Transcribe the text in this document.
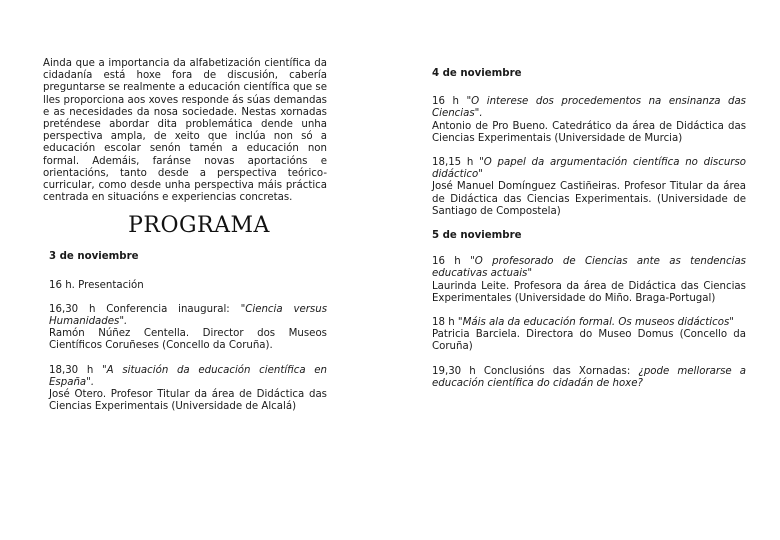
Ainda que a importancia da alfabetización científica da cidadanía está hoxe fora de discusión, cabería preguntarse se realmente a educación científica que se lles proporciona aos xoves responde ás súas demandas e as necesidades da nosa sociedade. Nestas xornadas preténdese abordar dita problemática dende unha perspectiva ampla, de xeito que inclúa non só a educación escolar senón tamén a educación non formal. Ademáis, faránse novas aportacións e orientacións, tanto desde a perspectiva teórico- curricular, como desde unha perspectiva máis práctica centrada en situacións e experiencias concretas.

PROGRAMA
3 de noviembre

16 h. Presentación

16,30 h Conferencia inaugural: "Ciencia versus Humanidades".

Ramón Núñez Centella. Director dos Museos Científicos Coruñeses (Concello da Coruña).

18,30 h "A situación da educación científica en España".

José Otero. Profesor Titular da área de Didáctica das Ciencias Experimentais (Universidade de Alcalá)

4 de noviembre

16 h "O interese dos procedementos na ensinanza das Ciencias".

Antonio de Pro Bueno. Catedrático da área de Didáctica das Ciencias Experimentais (Universidade de Murcia)

18,15 h "O papel da argumentación científica no discurso didáctico"

José Manuel Domínguez Castiñeiras. Profesor Titular da área de Didáctica das Ciencias Experimentais. (Universidade de Santiago de Compostela)

5 de noviembre

16 h "O profesorado de Ciencias ante as tendencias educativas actuais"

Laurinda Leite. Profesora da área de Didáctica das Ciencias Experimentales (Universidade do Miño. Braga-Portugal)

18 h "Máis ala da educación formal. Os museos didácticos"

Patricia Barciela. Directora do Museo Domus (Concello da Coruña)

19,30 h Conclusións das Xornadas: ¿pode mellorarse a educación científica do cidadán de hoxe?
